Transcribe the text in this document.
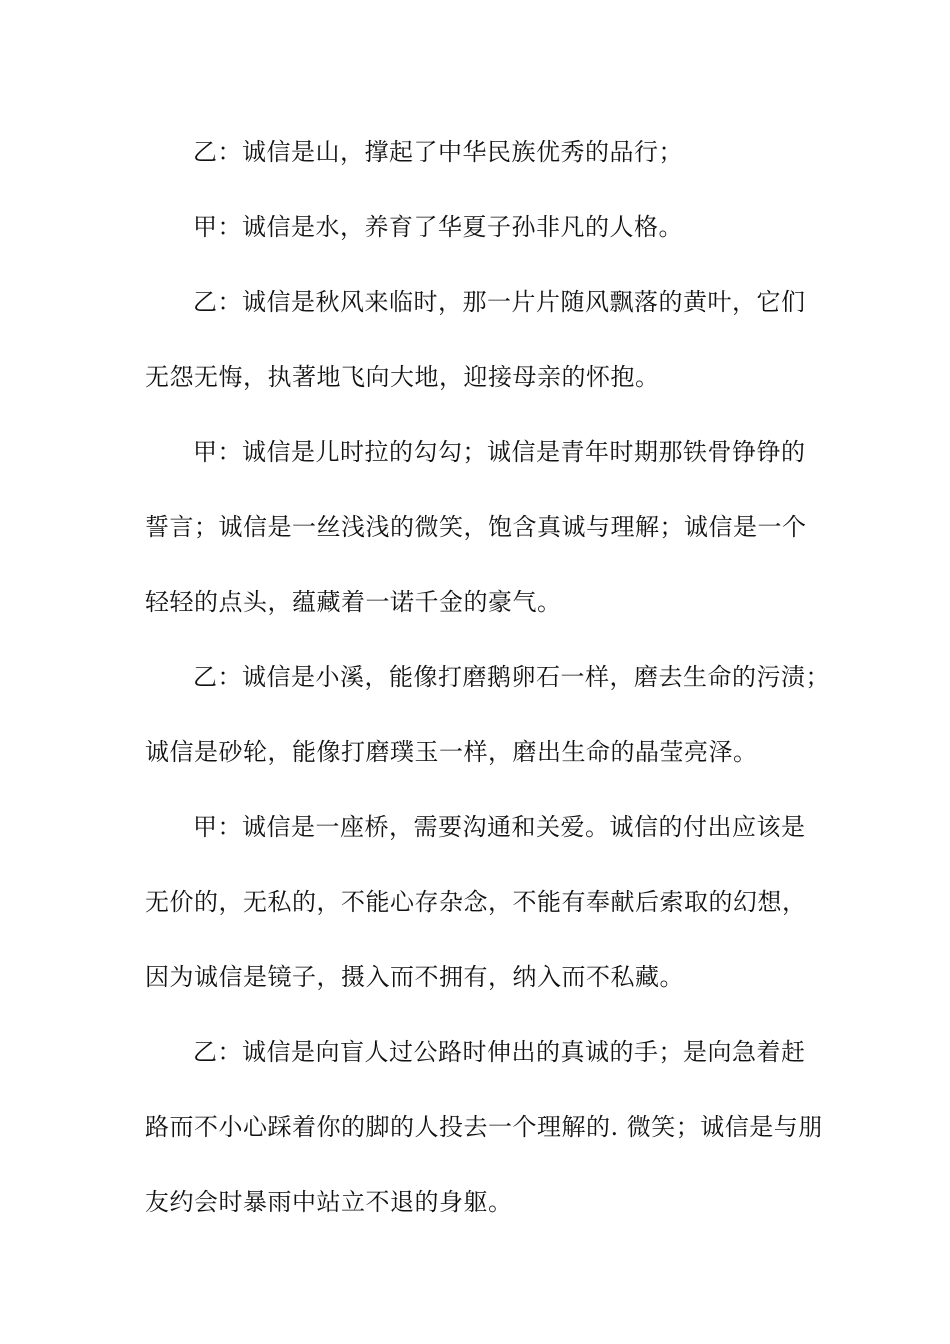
乙：诚信是山，撑起了中华民族优秀的品行；
甲：诚信是水，养育了华夏子孙非凡的人格。
乙：诚信是秋风来临时，那一片片随风飘落的黄叶，它们
无怨无悔，执著地飞向大地，迎接母亲的怀抱。
甲：诚信是儿时拉的勾勾；诚信是青年时期那铁骨铮铮的
誓言；诚信是一丝浅浅的微笑，饱含真诚与理解；诚信是一个
轻轻的点头，蕴藏着一诺千金的豪气。
乙：诚信是小溪，能像打磨鹅卵石一样，磨去生命的污渍；
诚信是砂轮，能像打磨璞玉一样，磨出生命的晶莹亮泽。
甲：诚信是一座桥，需要沟通和关爱。诚信的付出应该是
无价的，无私的，不能心存杂念，不能有奉献后索取的幻想，
因为诚信是镜子，摄入而不拥有，纳入而不私藏。
乙：诚信是向盲人过公路时伸出的真诚的手；是向急着赶
路而不小心踩着你的脚的人投去一个理解的. 微笑；诚信是与朋
友约会时暴雨中站立不退的身躯。
